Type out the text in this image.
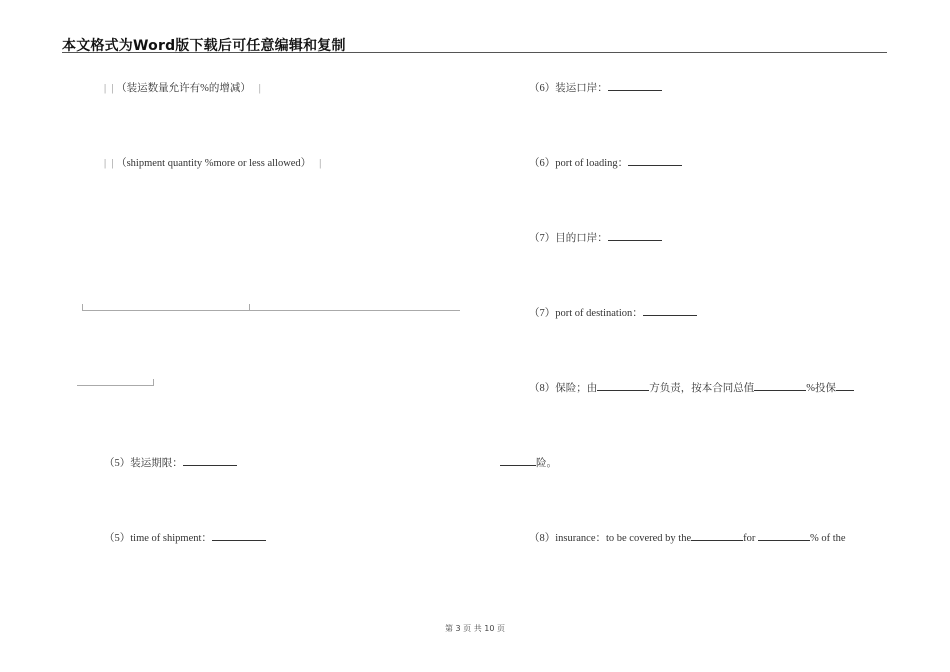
本文格式为Word版下载后可任意编辑和复制
|  | （装运数量允许有%的增减）   |
|  | （shipment quantity %more or less allowed）   |
（5）装运期限：
（5）time of shipment：
（6）装运口岸：
（6）port of loading：
（7）目的口岸：
（7）port of destination：
（8）保险；由	方负责，按本合同总值	%投保
险。
（8）insurance：to be covered by the	for	% of the
第 3 页 共 10 页
